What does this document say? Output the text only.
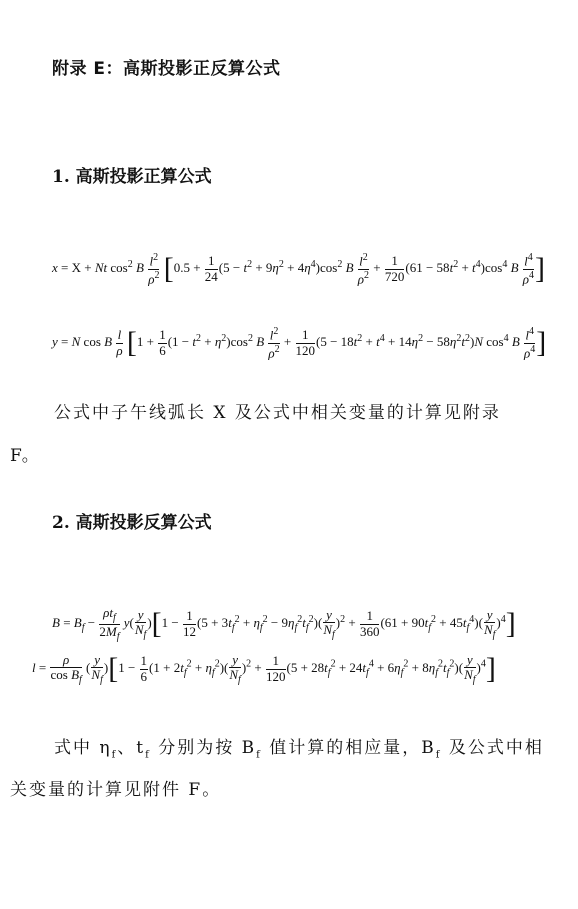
附录 E：高斯投影正反算公式
1. 高斯投影正算公式
x = X + Nt $\cos^2 B \frac{l^2}{\rho^2} [0.5 + \frac{1}{24} (5 - t^2 + 9\eta^2 + 4\eta^4)\cos^2$ B $\frac{l^2}{\rho^2} + \frac{1}{720} (61 - 58t^2 + t^4)\cos^4$ B $\frac{l^4}{\rho^4}$ ]
y = N cos B $\frac{l}{\rho} [1 + \frac{1}{6} (1 - t^2 + \eta^2)\cos^2$ B $\frac{l^2}{\rho^2} + \frac{1}{120} (5 - 18t^2 + t^4 + 14\eta^2 - 58\eta^2t^2)N$ $\cos^4 B \frac{l^4}{\rho^4}$ ]
公式中子午线弧长 X 及公式中相关变量的计算见附录
F。
2. 高斯投影反算公式
$B = B_f - \frac{\rho t_f}{2M_f} y( \frac{y}{N_f} )[1 - \frac{1}{12} (5 + 3t_f^2 + \eta_f^2 - 9\eta_f^2t_f^2)( \frac{y}{N_f} )^2 + \frac{1}{360} (61 + 90t_f^2 + 45t_f^4)( \frac{y}{N_f} )^4]$
$l = \frac{\rho}{\cos B_f}$ ( $\frac{y}{N_f} )[1 - \frac{1}{6} (1 + 2t_f^2 + \eta_f^2)( \frac{y}{N_f} )^2 + \frac{1}{120} (5 + 28t_f^2 + 24t_f^4 + 6\eta_f^2 + 8\eta_f^2t_f^2)( \frac{y}{N_f} )^4]$
式中 $\eta_f$、$t_f$ 分别为按 $B_f$ 值计算的相应量，$B_f$ 及公式中相
关变量的计算见附件 F。
